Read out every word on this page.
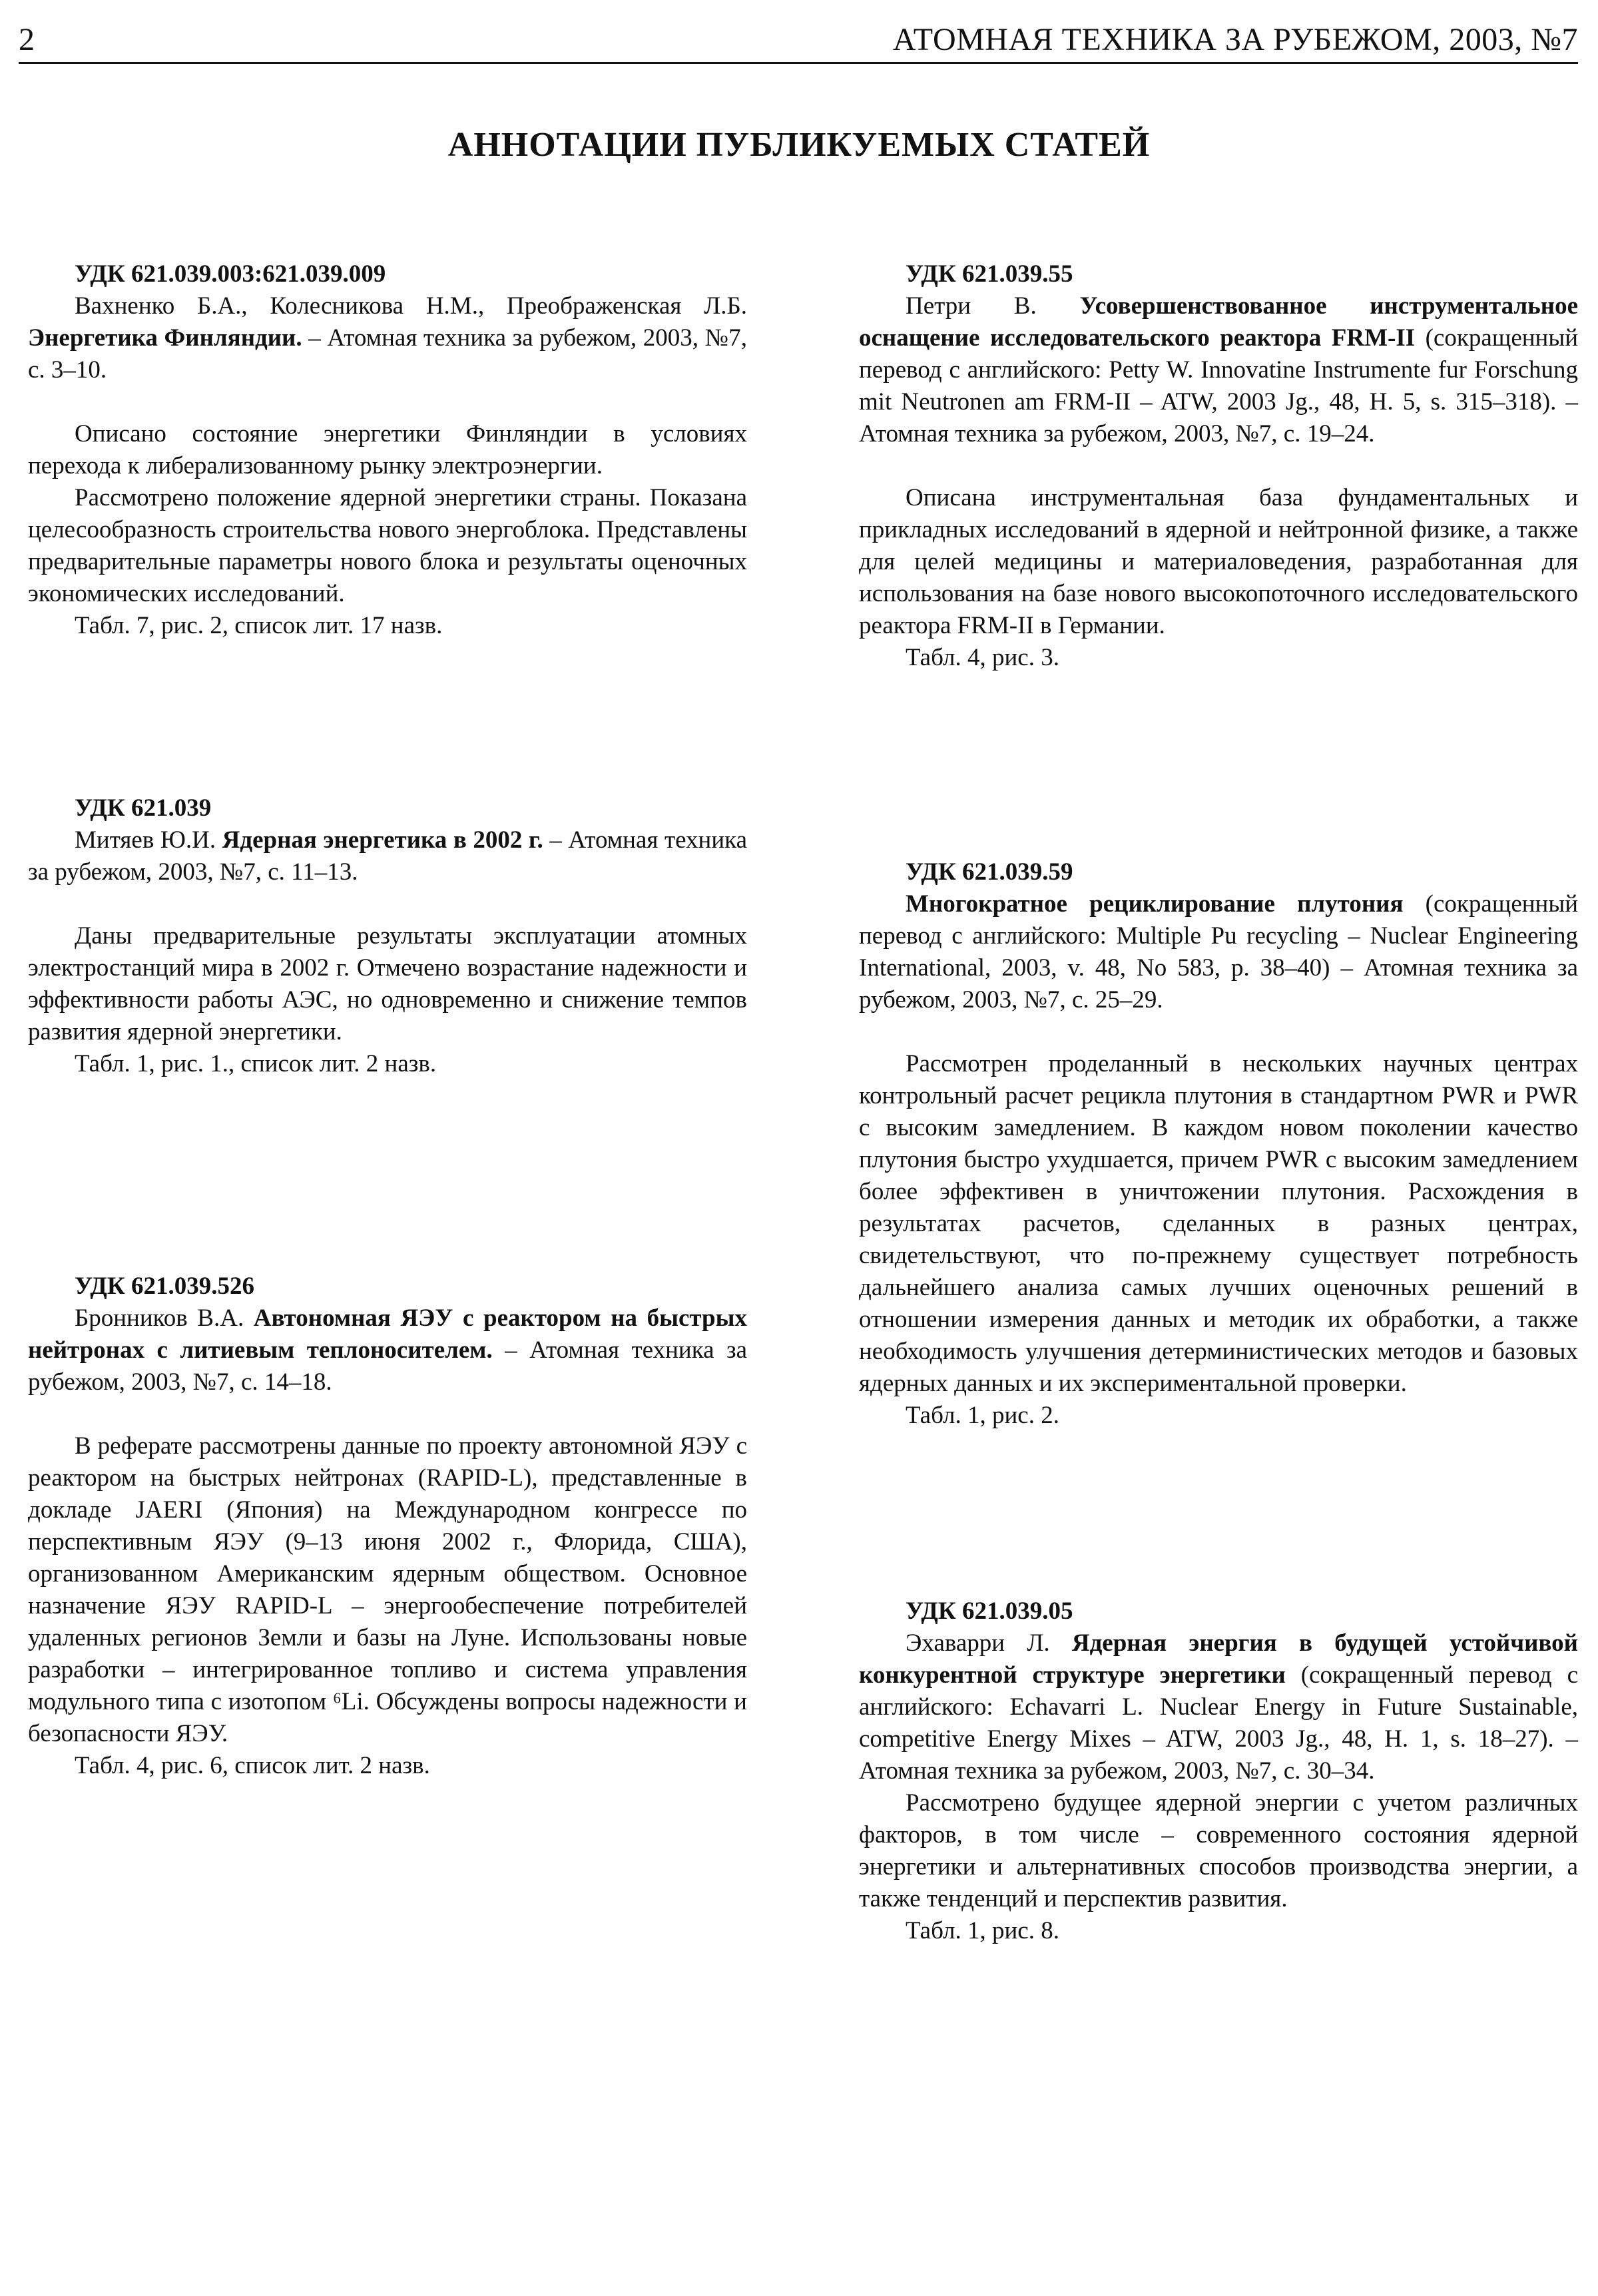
2	АТОМНАЯ ТЕХНИКА ЗА РУБЕЖОМ, 2003, №7
АННОТАЦИИ ПУБЛИКУЕМЫХ СТАТЕЙ
УДК 621.039.003:621.039.009

Вахненко Б.А., Колесникова Н.М., Преображенская Л.Б. Энергетика Финляндии. – Атомная техника за рубежом, 2003, №7, с. 3–10.

Описано состояние энергетики Финляндии в условиях перехода к либерализованному рынку электроэнергии.

Рассмотрено положение ядерной энергетики страны. Показана целесообразность строительства нового энергоблока. Представлены предварительные параметры нового блока и результаты оценочных экономических исследований.

Табл. 7, рис. 2, список лит. 17 назв.

УДК 621.039

Митяев Ю.И. Ядерная энергетика в 2002 г. – Атомная техника за рубежом, 2003, №7, с. 11–13.

Даны предварительные результаты эксплуатации атомных электростанций мира в 2002 г. Отмечено возрастание надежности и эффективности работы АЭС, но одновременно и снижение темпов развития ядерной энергетики.

Табл. 1, рис. 1., список лит. 2 назв.

УДК 621.039.526

Бронников В.А. Автономная ЯЭУ с реактором на быстрых нейтронах с литиевым теплоносителем. – Атомная техника за рубежом, 2003, №7, с. 14–18.

В реферате рассмотрены данные по проекту автономной ЯЭУ с реактором на быстрых нейтронах (RAPID-L), представленные в докладе JAERI (Япония) на Международном конгрессе по перспективным ЯЭУ (9–13 июня 2002 г., Флорида, США), организованном Американским ядерным обществом. Основное назначение ЯЭУ RAPID-L – энергообеспечение потребителей удаленных регионов Земли и базы на Луне. Использованы новые разработки – интегрированное топливо и система управления модульного типа с изотопом ⁶Li. Обсуждены вопросы надежности и безопасности ЯЭУ.

Табл. 4, рис. 6, список лит. 2 назв.

УДК 621.039.55

Петри В. Усовершенствованное инструментальное оснащение исследовательского реактора FRM-II (сокращенный перевод с английского: Petty W. Innovatine Instrumente fur Forschung mit Neutronen am FRM-II – ATW, 2003 Jg., 48, H. 5, s. 315–318). – Атомная техника за рубежом, 2003, №7, с. 19–24.

Описана инструментальная база фундаментальных и прикладных исследований в ядерной и нейтронной физике, а также для целей медицины и материаловедения, разработанная для использования на базе нового высокопоточного исследовательского реактора FRM-II в Германии.

Табл. 4, рис. 3.

УДК 621.039.59

Многократное рециклирование плутония (сокращенный перевод с английского: Multiple Pu recycling – Nuclear Engineering International, 2003, v. 48, No 583, p. 38–40) – Атомная техника за рубежом, 2003, №7, с. 25–29.

Рассмотрен проделанный в нескольких научных центрах контрольный расчет рецикла плутония в стандартном PWR и PWR с высоким замедлением. В каждом новом поколении качество плутония быстро ухудшается, причем PWR с высоким замедлением более эффективен в уничтожении плутония. Расхождения в результатах расчетов, сделанных в разных центрах, свидетельствуют, что по-прежнему существует потребность дальнейшего анализа самых лучших оценочных решений в отношении измерения данных и методик их обработки, а также необходимость улучшения детерминистических методов и базовых ядерных данных и их экспериментальной проверки.

Табл. 1, рис. 2.

УДК 621.039.05

Эхаварри Л. Ядерная энергия в будущей устойчивой конкурентной структуре энергетики (сокращенный перевод с английского: Echavarri L. Nuclear Energy in Future Sustainable, competitive Energy Mixes – ATW, 2003 Jg., 48, H. 1, s. 18–27). – Атомная техника за рубежом, 2003, №7, с. 30–34.

Рассмотрено будущее ядерной энергии с учетом различных факторов, в том числе – современного состояния ядерной энергетики и альтернативных способов производства энергии, а также тенденций и перспектив развития.

Табл. 1, рис. 8.
